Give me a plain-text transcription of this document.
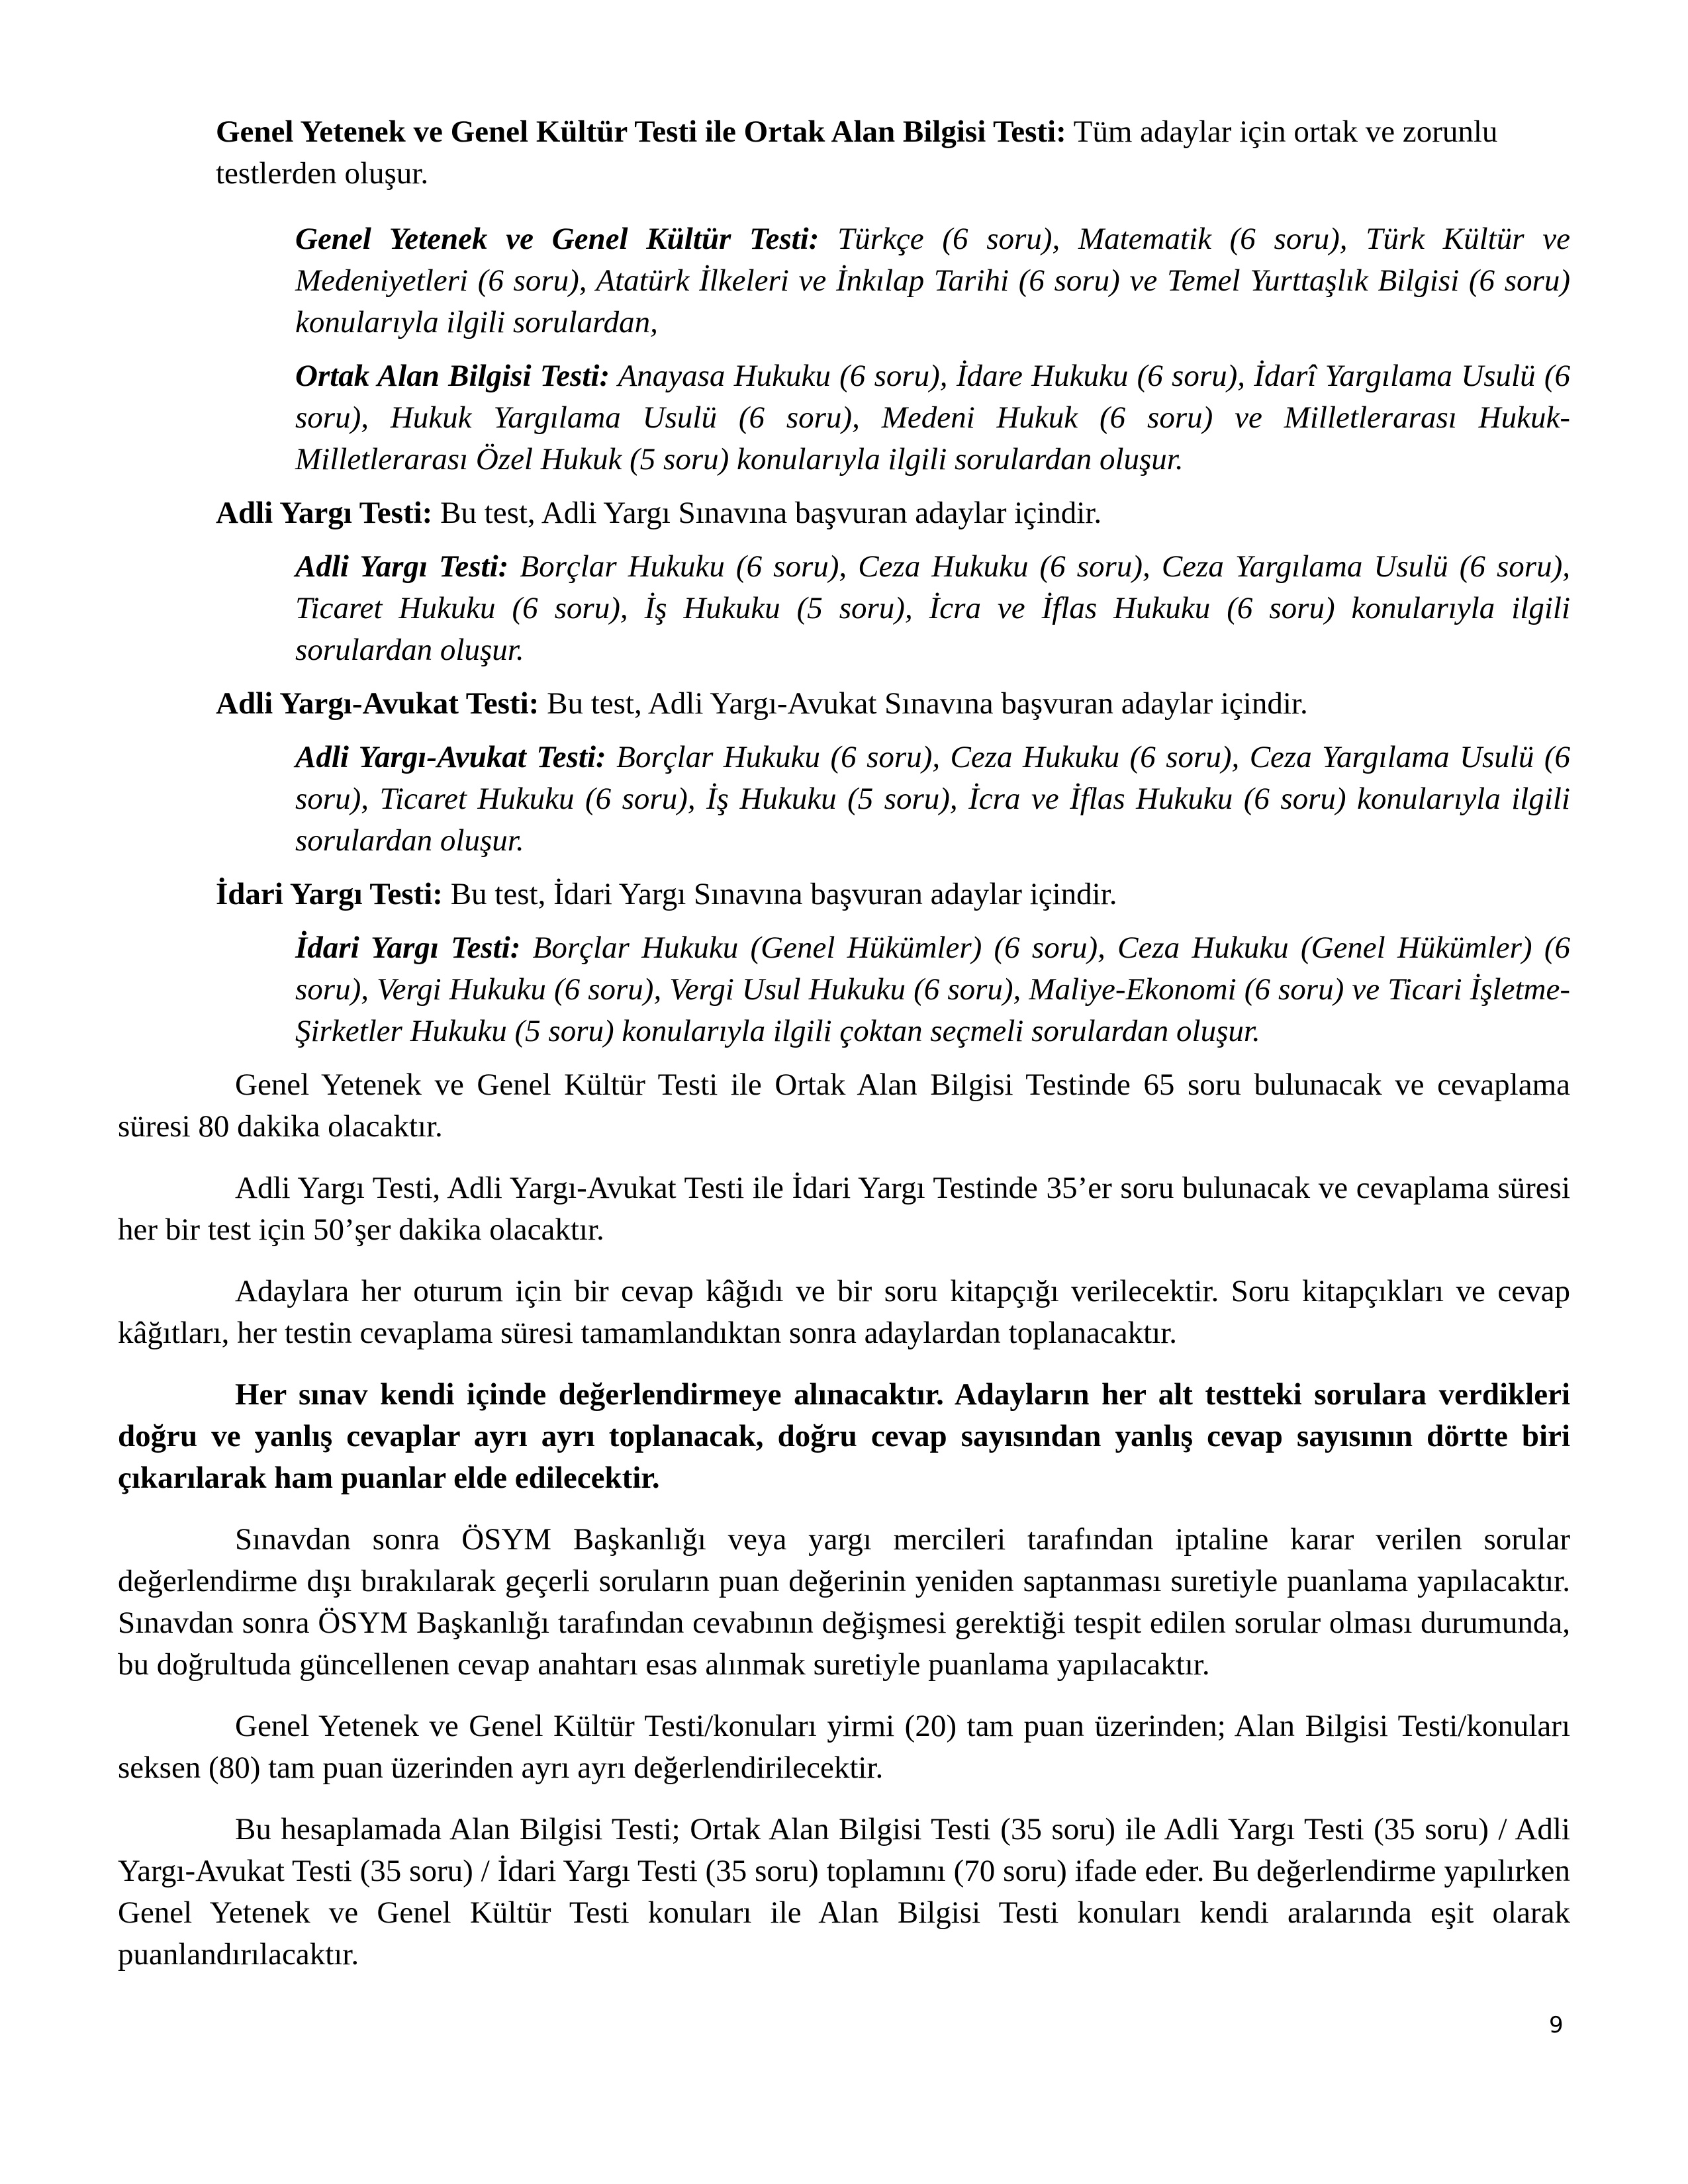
Genel Yetenek ve Genel Kültür Testi ile Ortak Alan Bilgisi Testi: Tüm adaylar için ortak ve zorunlu testlerden oluşur.

Genel Yetenek ve Genel Kültür Testi: Türkçe (6 soru), Matematik (6 soru), Türk Kültür ve Medeniyetleri (6 soru), Atatürk İlkeleri ve İnkılap Tarihi (6 soru) ve Temel Yurttaşlık Bilgisi (6 soru) konularıyla ilgili sorulardan,

Ortak Alan Bilgisi Testi: Anayasa Hukuku (6 soru), İdare Hukuku (6 soru), İdarî Yargılama Usulü (6 soru), Hukuk Yargılama Usulü (6 soru), Medeni Hukuk (6 soru) ve Milletlerarası Hukuk-Milletlerarası Özel Hukuk (5 soru) konularıyla ilgili sorulardan oluşur.

Adli Yargı Testi: Bu test, Adli Yargı Sınavına başvuran adaylar içindir.

Adli Yargı Testi: Borçlar Hukuku (6 soru), Ceza Hukuku (6 soru), Ceza Yargılama Usulü (6 soru), Ticaret Hukuku (6 soru), İş Hukuku (5 soru), İcra ve İflas Hukuku (6 soru) konularıyla ilgili sorulardan oluşur.

Adli Yargı-Avukat Testi: Bu test, Adli Yargı-Avukat Sınavına başvuran adaylar içindir.

Adli Yargı-Avukat Testi: Borçlar Hukuku (6 soru), Ceza Hukuku (6 soru), Ceza Yargılama Usulü (6 soru), Ticaret Hukuku (6 soru), İş Hukuku (5 soru), İcra ve İflas Hukuku (6 soru) konularıyla ilgili sorulardan oluşur.

İdari Yargı Testi: Bu test, İdari Yargı Sınavına başvuran adaylar içindir.

İdari Yargı Testi: Borçlar Hukuku (Genel Hükümler) (6 soru), Ceza Hukuku (Genel Hükümler) (6 soru), Vergi Hukuku (6 soru), Vergi Usul Hukuku (6 soru), Maliye-Ekonomi (6 soru) ve Ticari İşletme-Şirketler Hukuku (5 soru) konularıyla ilgili çoktan seçmeli sorulardan oluşur.

Genel Yetenek ve Genel Kültür Testi ile Ortak Alan Bilgisi Testinde 65 soru bulunacak ve cevaplama süresi 80 dakika olacaktır.

Adli Yargı Testi, Adli Yargı-Avukat Testi ile İdari Yargı Testinde 35’er soru bulunacak ve cevaplama süresi her bir test için 50’şer dakika olacaktır.

Adaylara her oturum için bir cevap kâğıdı ve bir soru kitapçığı verilecektir. Soru kitapçıkları ve cevap kâğıtları, her testin cevaplama süresi tamamlandıktan sonra adaylardan toplanacaktır.

Her sınav kendi içinde değerlendirmeye alınacaktır. Adayların her alt testteki sorulara verdikleri doğru ve yanlış cevaplar ayrı ayrı toplanacak, doğru cevap sayısından yanlış cevap sayısının dörtte biri çıkarılarak ham puanlar elde edilecektir.

Sınavdan sonra ÖSYM Başkanlığı veya yargı mercileri tarafından iptaline karar verilen sorular değerlendirme dışı bırakılarak geçerli soruların puan değerinin yeniden saptanması suretiyle puanlama yapılacaktır. Sınavdan sonra ÖSYM Başkanlığı tarafından cevabının değişmesi gerektiği tespit edilen sorular olması durumunda, bu doğrultuda güncellenen cevap anahtarı esas alınmak suretiyle puanlama yapılacaktır.

Genel Yetenek ve Genel Kültür Testi/konuları yirmi (20) tam puan üzerinden; Alan Bilgisi Testi/konuları seksen (80) tam puan üzerinden ayrı ayrı değerlendirilecektir.

Bu hesaplamada Alan Bilgisi Testi; Ortak Alan Bilgisi Testi (35 soru) ile Adli Yargı Testi (35 soru) / Adli Yargı-Avukat Testi (35 soru) / İdari Yargı Testi (35 soru) toplamını (70 soru) ifade eder. Bu değerlendirme yapılırken Genel Yetenek ve Genel Kültür Testi konuları ile Alan Bilgisi Testi konuları kendi aralarında eşit olarak puanlandırılacaktır.

9
